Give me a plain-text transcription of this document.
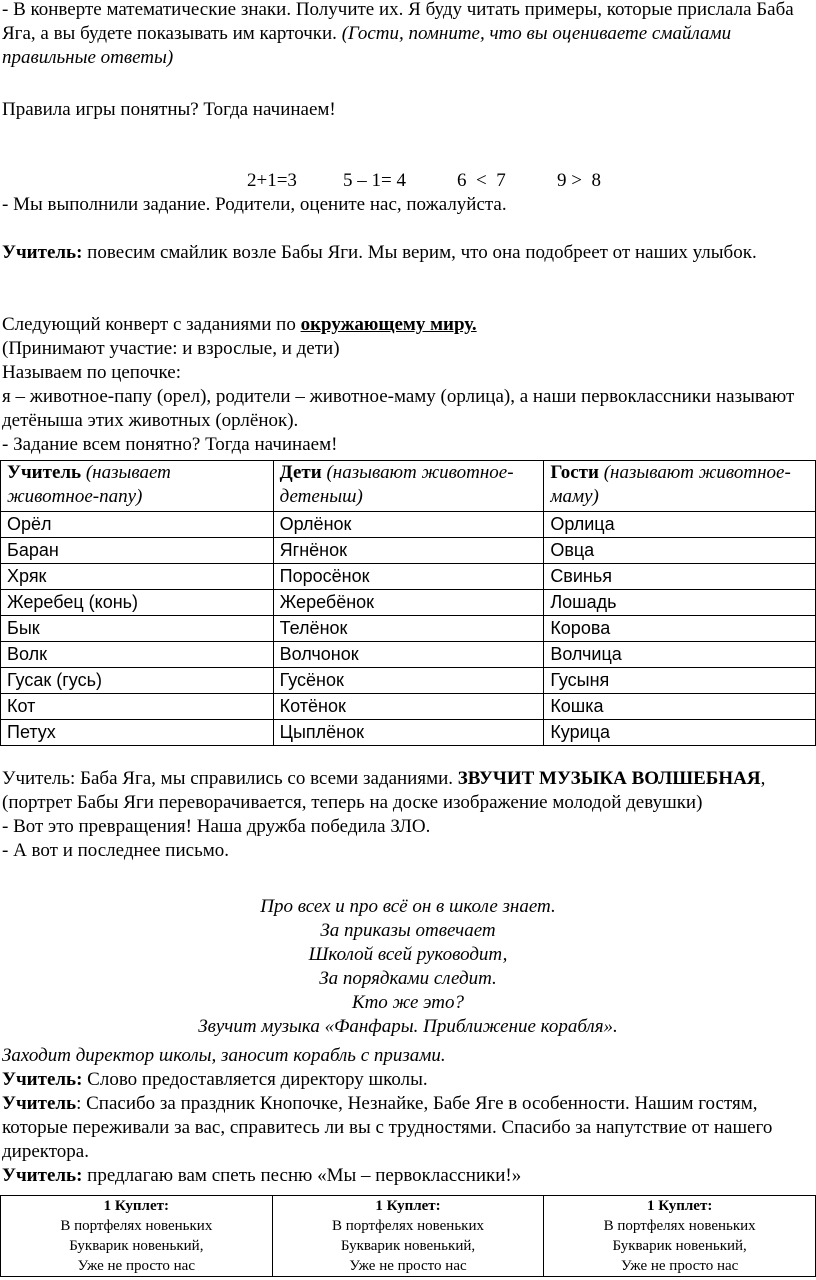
- В конверте математические знаки. Получите их. Я буду читать примеры, которые прислала Баба Яга, а вы будете показывать им карточки. (Гости, помните, что вы оцениваете смайлами правильные ответы)

Правила игры понятны? Тогда начинаем!

2+1=3 5 – 1= 4	6  <  7	9 >  8

- Мы выполнили задание. Родители, оцените нас, пожалуйста.

Учитель: повесим смайлик возле Бабы Яги. Мы верим, что она подобреет от наших улыбок.

Следующий конверт с заданиями по окружающему миру.

(Принимают участие: и взрослые, и дети)

Называем по цепочке:

я – животное-папу (орел), родители – животное-маму (орлица), а наши первоклассники называют детёныша этих животных (орлёнок).

- Задание всем понятно? Тогда начинаем!

Учитель (называет животное-папу)	Дети (называют животное- детеныш)	Гости (называют животное- маму)
Орёл	Орлёнок	Орлица
Баран	Ягнёнок	Овца
Хряк	Поросёнок	Свинья
Жеребец (конь)	Жеребёнок	Лошадь
Бык	Телёнок	Корова
Волк	Волчонок	Волчица
Гусак (гусь)	Гусёнок	Гусыня
Кот	Котёнок	Кошка
Петух	Цыплёнок	Курица

Учитель: Баба Яга, мы справились со всеми заданиями. ЗВУЧИТ МУЗЫКА ВОЛШЕБНАЯ, (портрет Бабы Яги переворачивается, теперь на доске изображение молодой девушки)

- Вот это превращения! Наша дружба победила ЗЛО.

- А вот и последнее письмо.

Про всех и про всё он в школе знает.

За приказы отвечает

Школой всей руководит,

За порядками следит.

Кто же это?

Звучит музыка «Фанфары. Приближение корабля».

Заходит директор школы, заносит корабль с призами.

Учитель: Слово предоставляется директору школы.

Учитель: Спасибо за праздник Кнопочке, Незнайке, Бабе Яге в особенности. Нашим гостям, которые переживали за вас, справитесь ли вы с трудностями. Спасибо за напутствие от нашего директора.

Учитель: предлагаю вам спеть песню «Мы – первоклассники!»

1 Куплет:
В портфелях новеньких
Букварик новенький,
Уже не просто нас	1 Куплет:
В портфелях новеньких
Букварик новенький,
Уже не просто нас	1 Куплет:
В портфелях новеньких
Букварик новенький,
Уже не просто нас
